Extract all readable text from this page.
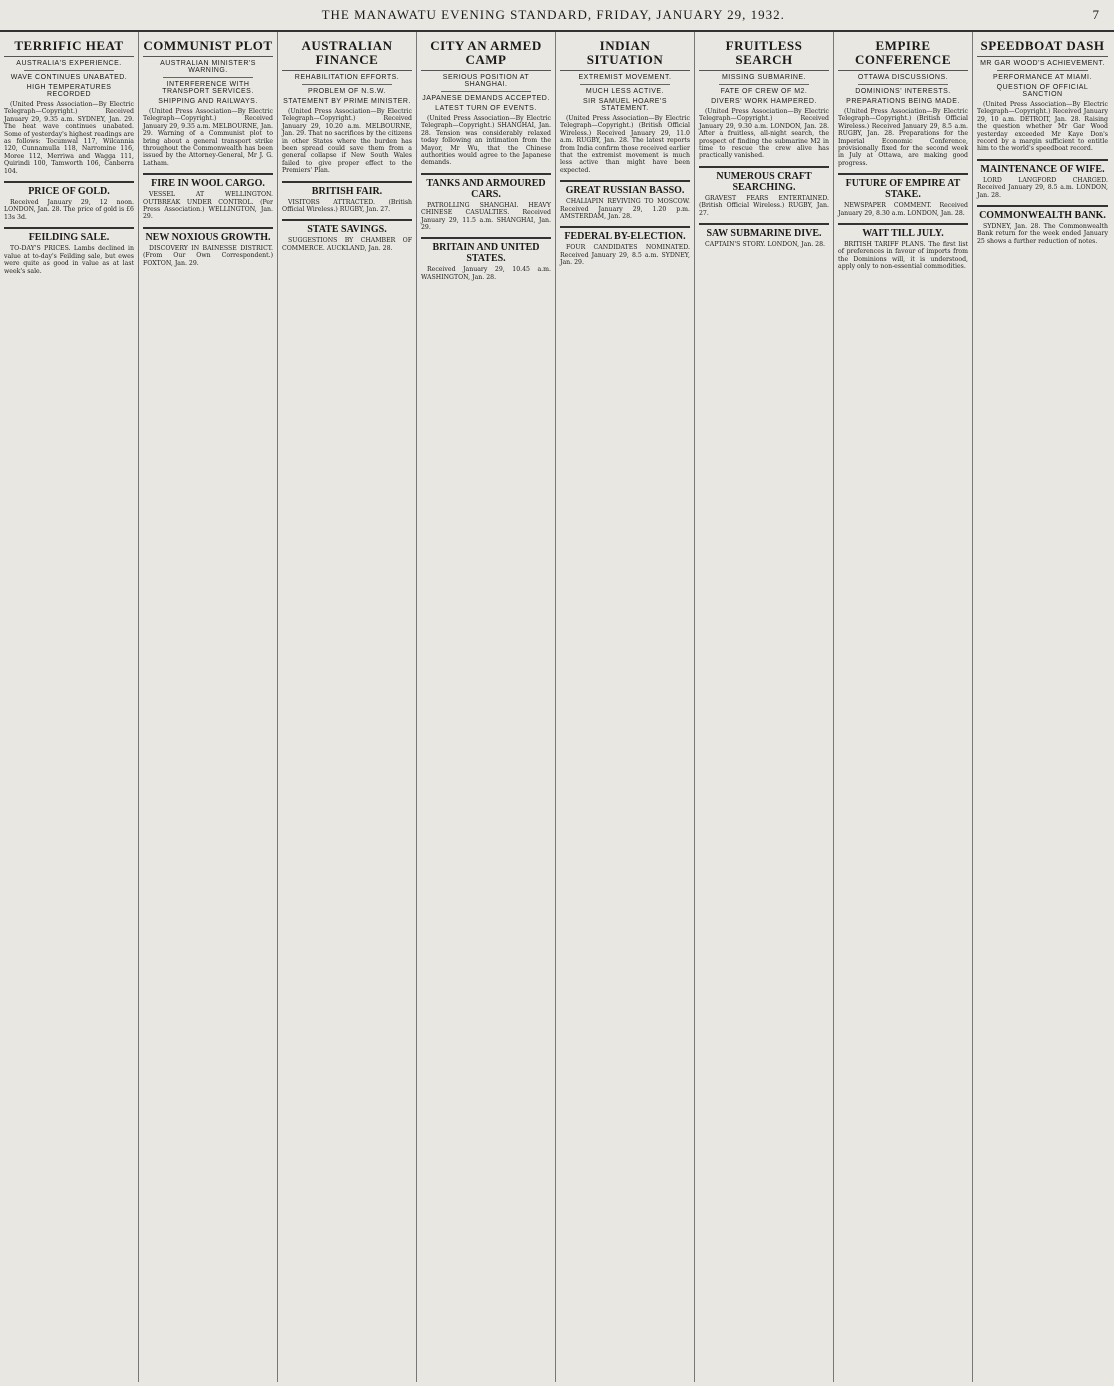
THE MANAWATU EVENING STANDARD, FRIDAY, JANUARY 29, 1932.	7
TERRIFIC HEAT
AUSTRALIA'S EXPERIENCE.
WAVE CONTINUES UNABATED.
HIGH TEMPERATURES RECORDED

(United Press Association—By Electric Telegraph—Copyright.) Received January 29, 9.35 a.m. SYDNEY, Jan. 29. The heat wave continues unabated. Some of yesterday's highest readings are as follows: Tocumwal 117, Wilcannia 120, Cunnamulla 118, Narromine 116, Moree 112, Merriwa and Wagga 111, Quirindi 100, Tamworth 106, Canberra 104.

PRICE OF GOLD.

Received January 29, 12 noon. LONDON, Jan. 28. The price of gold is £6 13s 3d.

FEILDING SALE.

TO-DAY'S PRICES. Lambs declined in value at to-day's Feilding sale, but ewes were quite as good in value as at last week's sale.

COMMUNIST PLOT
AUSTRALIAN MINISTER'S WARNING.
INTERFERENCE WITH TRANSPORT SERVICES.
SHIPPING AND RAILWAYS.

(United Press Association—By Electric Telegraph—Copyright.) Received January 29, 9.35 a.m. MELBOURNE, Jan. 29. Warning of a Communist plot to bring about a general transport strike throughout the Commonwealth has been issued by the Attorney-General, Mr J. G. Latham.

FIRE IN WOOL CARGO.

VESSEL AT WELLINGTON. OUTBREAK UNDER CONTROL. (Per Press Association.) WELLINGTON, Jan. 29.

NEW NOXIOUS GROWTH.

DISCOVERY IN BAINESSE DISTRICT. (From Our Own Correspondent.) FOXTON, Jan. 29.

AUSTRALIAN FINANCE
REHABILITATION EFFORTS.
PROBLEM OF N.S.W.
STATEMENT BY PRIME MINISTER.

(United Press Association—By Electric Telegraph—Copyright.) Received January 29, 10.20 a.m. MELBOURNE, Jan. 29. That no sacrifices by the citizens in other States where the burden has been spread could save them from a general collapse if New South Wales failed to give proper effect to the Premiers' Plan.

BRITISH FAIR.

VISITORS ATTRACTED. (British Official Wireless.) RUGBY, Jan. 27.

STATE SAVINGS.

SUGGESTIONS BY CHAMBER OF COMMERCE. AUCKLAND, Jan. 28.

CITY AN ARMED CAMP
SERIOUS POSITION AT SHANGHAI.
JAPANESE DEMANDS ACCEPTED.
LATEST TURN OF EVENTS.

(United Press Association—By Electric Telegraph—Copyright.) SHANGHAI, Jan. 28. Tension was considerably relaxed today following an intimation from the Mayor, Mr Wu, that the Chinese authorities would agree to the Japanese demands.

TANKS AND ARMOURED CARS.

PATROLLING SHANGHAI. HEAVY CHINESE CASUALTIES. Received January 29, 11.5 a.m. SHANGHAI, Jan. 29.

BRITAIN AND UNITED STATES.

Received January 29, 10.45 a.m. WASHINGTON, Jan. 28.

INDIAN SITUATION
EXTREMIST MOVEMENT.
MUCH LESS ACTIVE.
SIR SAMUEL HOARE'S STATEMENT.

(United Press Association—By Electric Telegraph—Copyright.) (British Official Wireless.) Received January 29, 11.0 a.m. RUGBY, Jan. 28. The latest reports from India confirm those received earlier that the extremist movement is much less active than might have been expected.

GREAT RUSSIAN BASSO.

CHALIAPIN REVIVING TO MOSCOW. Received January 29, 1.20 p.m. AMSTERDAM, Jan. 28.

FEDERAL BY-ELECTION.

FOUR CANDIDATES NOMINATED. Received January 29, 8.5 a.m. SYDNEY, Jan. 29.

FRUITLESS SEARCH
MISSING SUBMARINE.
FATE OF CREW OF M2.
DIVERS' WORK HAMPERED.

(United Press Association—By Electric Telegraph—Copyright.) Received January 29, 9.30 a.m. LONDON, Jan. 28. After a fruitless, all-night search, the prospect of finding the submarine M2 in time to rescue the crew alive has practically vanished.

NUMEROUS CRAFT SEARCHING.

GRAVEST FEARS ENTERTAINED. (British Official Wireless.) RUGBY, Jan. 27.

SAW SUBMARINE DIVE.

CAPTAIN'S STORY. LONDON, Jan. 28.

EMPIRE CONFERENCE
OTTAWA DISCUSSIONS.
DOMINIONS' INTERESTS.
PREPARATIONS BEING MADE.

(United Press Association—By Electric Telegraph—Copyright.) (British Official Wireless.) Received January 29, 8.5 a.m. RUGBY, Jan. 28. Preparations for the Imperial Economic Conference, provisionally fixed for the second week in July at Ottawa, are making good progress.

FUTURE OF EMPIRE AT STAKE.

NEWSPAPER COMMENT. Received January 29, 8.30 a.m. LONDON, Jan. 28.

WAIT TILL JULY.

BRITISH TARIFF PLANS. The first list of preferences in favour of imports from the Dominions will, it is understood, apply only to non-essential commodities.

SPEEDBOAT DASH
MR GAR WOOD'S ACHIEVEMENT.
PERFORMANCE AT MIAMI.
QUESTION OF OFFICIAL SANCTION

(United Press Association—By Electric Telegraph—Copyright.) Received January 29, 10 a.m. DETROIT, Jan. 28. Raising the question whether Mr Gar Wood yesterday exceeded Mr Kaye Don's record by a margin sufficient to entitle him to the world's speedboat record.

MAINTENANCE OF WIFE.

LORD LANGFORD CHARGED. Received January 29, 8.5 a.m. LONDON, Jan. 28.

COMMONWEALTH BANK.

SYDNEY, Jan. 28. The Commonwealth Bank return for the week ended January 25 shows a further reduction of notes.
